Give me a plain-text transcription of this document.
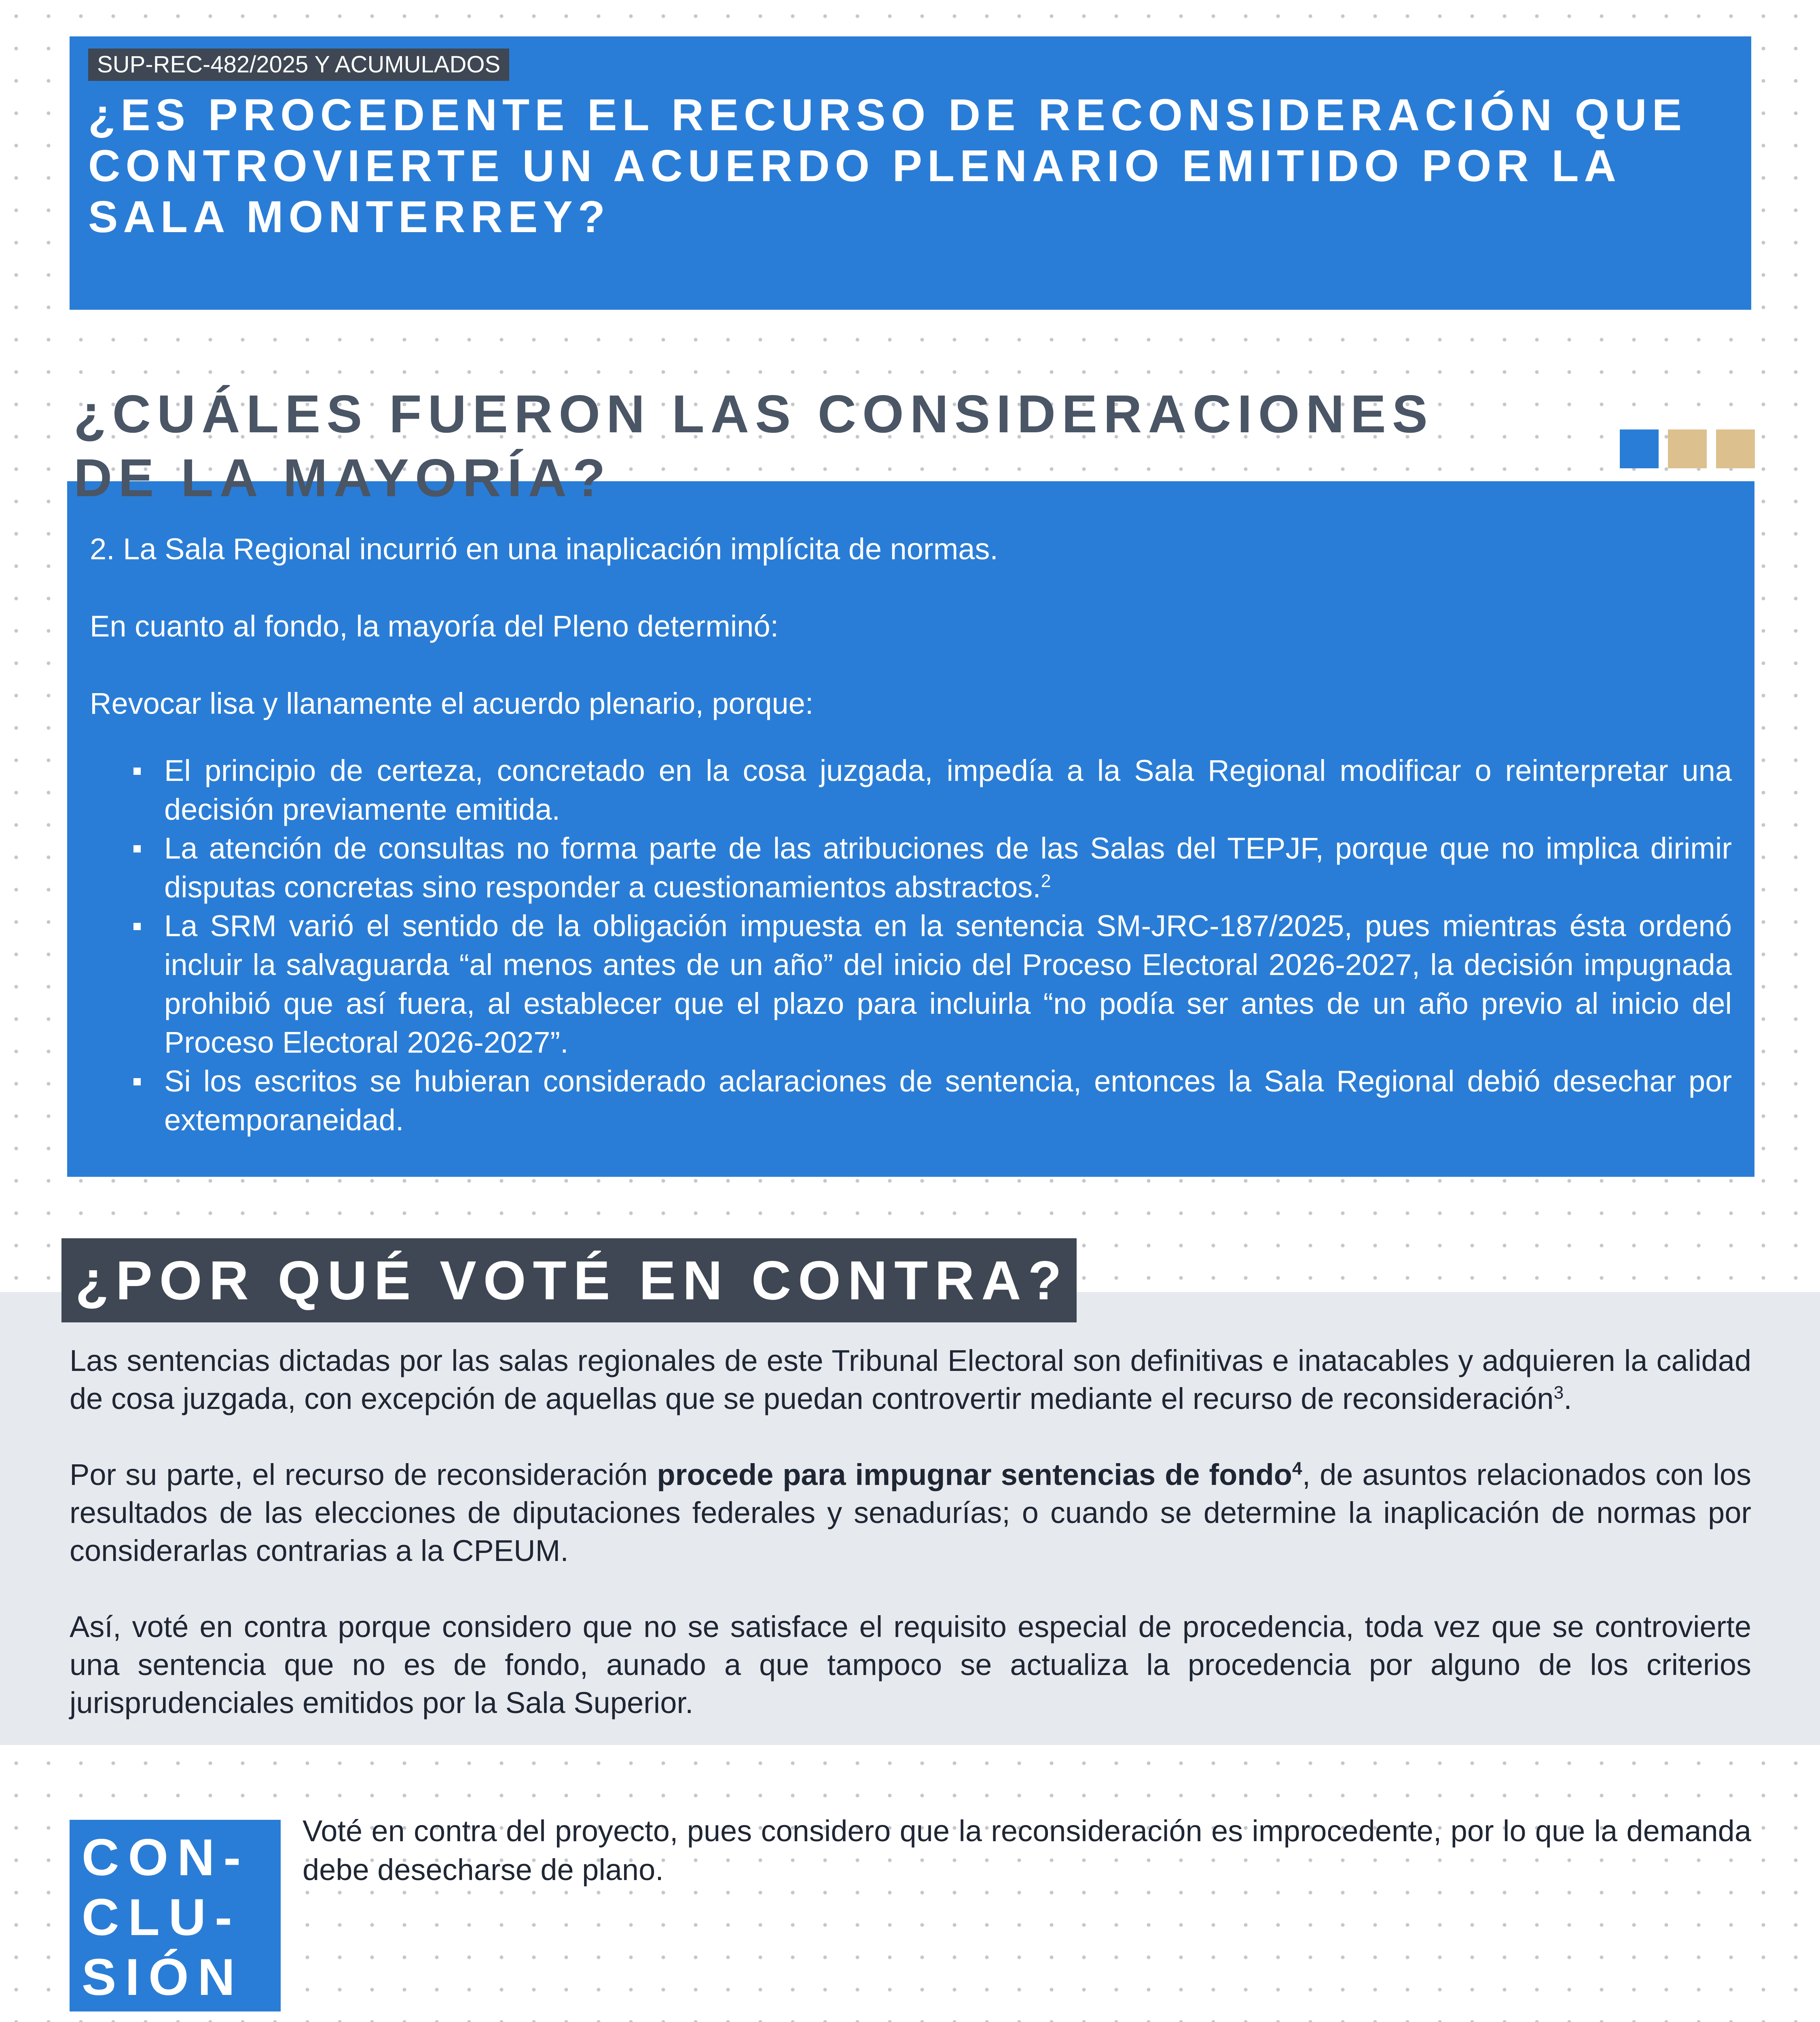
SUP-REC-482/2025 Y ACUMULADOS
¿ES PROCEDENTE EL RECURSO DE RECONSIDERACIÓN QUE CONTROVIERTE UN ACUERDO PLENARIO EMITIDO POR LA SALA MONTERREY?
¿CUÁLES FUERON LAS CONSIDERACIONES
DE LA MAYORÍA?

2. La Sala Regional incurrió en una inaplicación implícita de normas.

En cuanto al fondo, la mayoría del Pleno determinó:

Revocar lisa y llanamente el acuerdo plenario, porque:

El principio de certeza, concretado en la cosa juzgada, impedía a la Sala Regional modificar o reinterpretar una decisión previamente emitida.
La atención de consultas no forma parte de las atribuciones de las Salas del TEPJF, porque que no implica dirimir disputas concretas sino responder a cuestionamientos abstractos.$^2$
La SRM varió el sentido de la obligación impuesta en la sentencia SM-JRC-187/2025, pues mientras ésta ordenó incluir la salvaguarda “al menos antes de un año” del inicio del Proceso Electoral 2026-2027, la decisión impugnada prohibió que así fuera, al establecer que el plazo para incluirla “no podía ser antes de un año previo al inicio del Proceso Electoral 2026-2027”.
Si los escritos se hubieran considerado aclaraciones de sentencia, entonces la Sala Regional debió desechar por extemporaneidad.
¿POR QUÉ VOTÉ EN CONTRA?

Las sentencias dictadas por las salas regionales de este Tribunal Electoral son definitivas e inatacables y adquieren la calidad de cosa juzgada, con excepción de aquellas que se puedan controvertir mediante el recurso de reconsideración$^3$.

Por su parte, el recurso de reconsideración procede para impugnar sentencias de fondo$^4$, de asuntos relacionados con los resultados de las elecciones de diputaciones federales y senadurías; o cuando se determine la inaplicación de normas por considerarlas contrarias a la CPEUM.

Así, voté en contra porque considero que no se satisface el requisito especial de procedencia, toda vez que se controvierte una sentencia que no es de fondo, aunado a que tampoco se actualiza la procedencia por alguno de los criterios jurisprudenciales emitidos por la Sala Superior.

CON-
CLU-
SIÓN
Voté en contra del proyecto, pues considero que la reconsideración es improcedente, por lo que la demanda debe desecharse de plano.
